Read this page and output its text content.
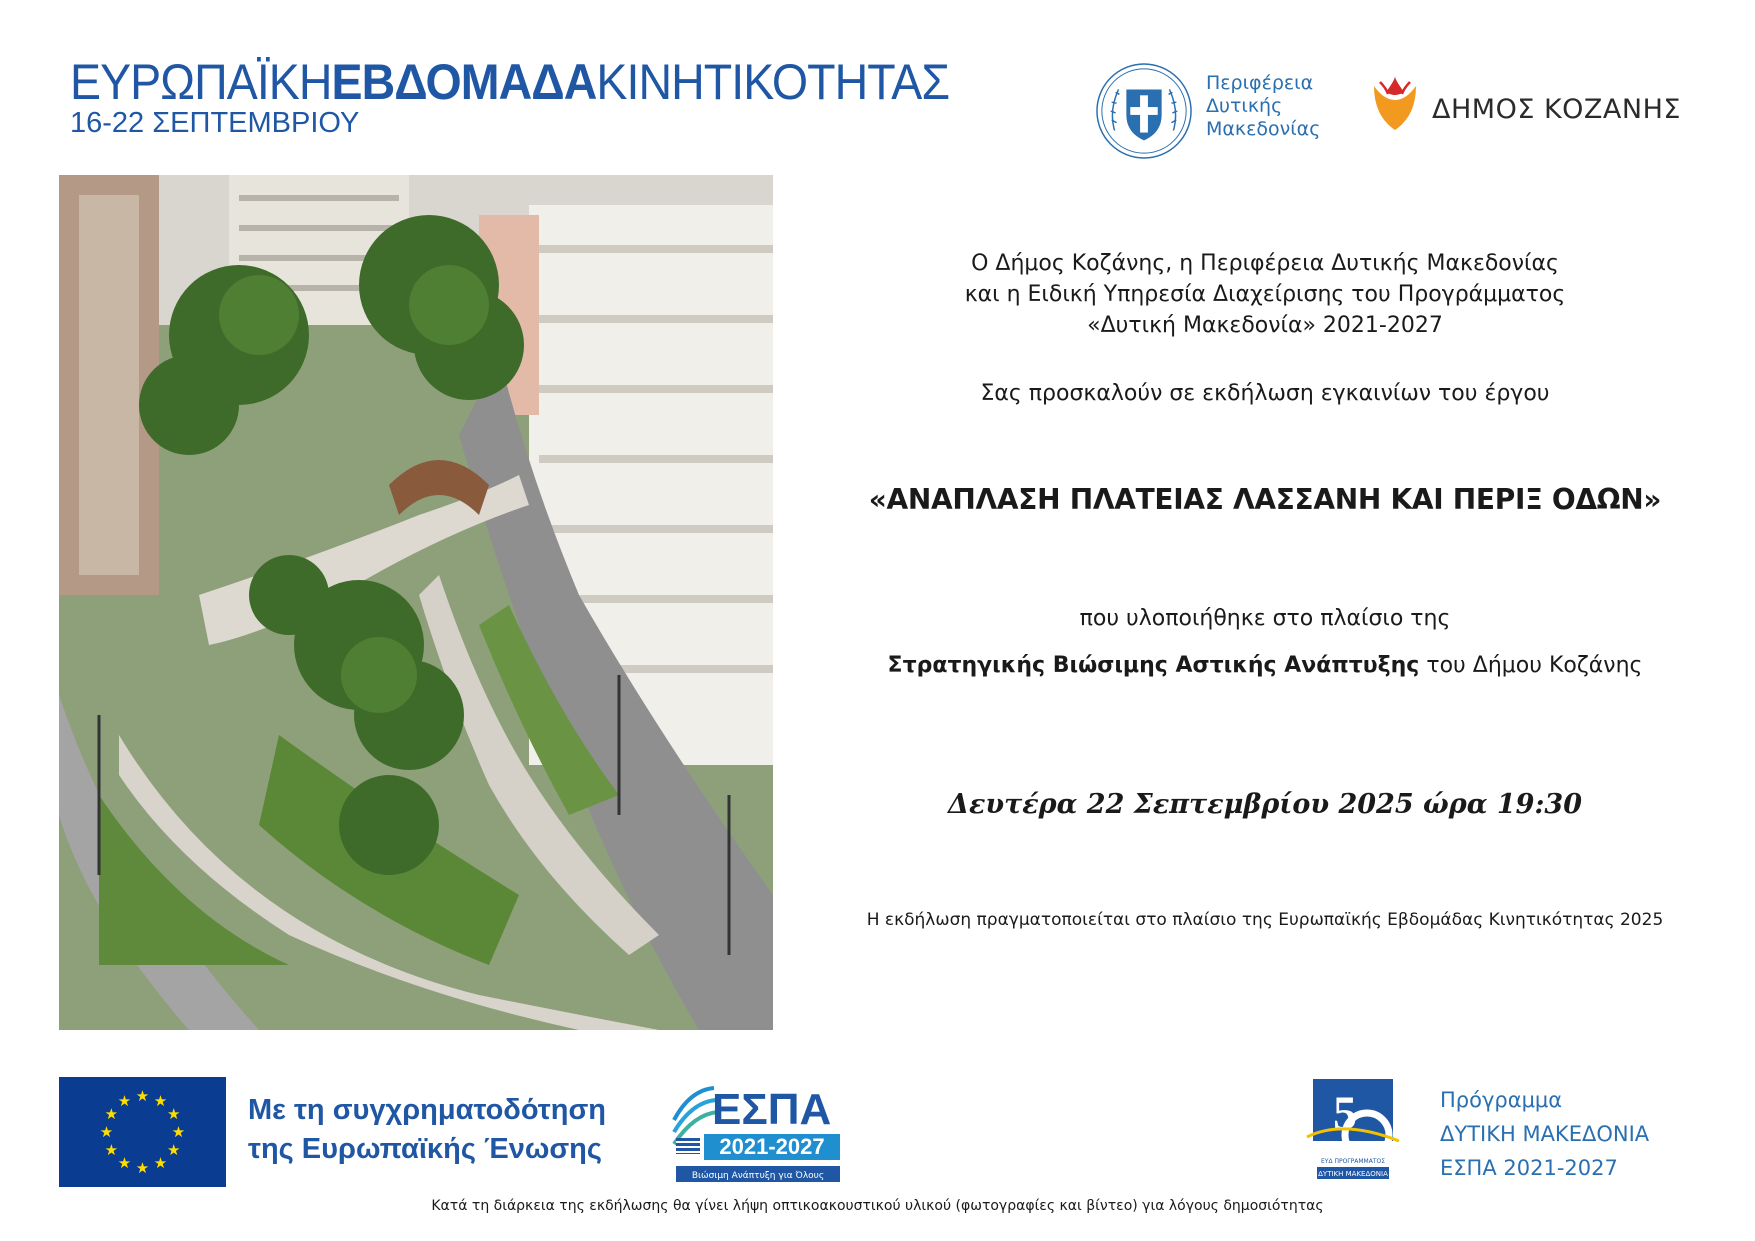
ΕΥΡΩΠΑΪΚΗΕΒΔΟΜΑΔΑΚΙΝΗΤΙΚΟΤΗΤΑΣ
16-22 ΣΕΠΤΕΜΒΡΙΟΥ
Περιφέρεια
Δυτικής
Μακεδονίας
ΔΗΜΟΣ ΚΟΖΑΝΗΣ
Ο Δήμος Κοζάνης, η Περιφέρεια Δυτικής Μακεδονίας
και η Ειδική Υπηρεσία Διαχείρισης του Προγράμματος
«Δυτική Μακεδονία» 2021-2027
Σας προσκαλούν σε εκδήλωση εγκαινίων του έργου
«ΑΝΑΠΛΑΣΗ ΠΛΑΤΕΙΑΣ ΛΑΣΣΑΝΗ ΚΑΙ ΠΕΡΙΞ ΟΔΩΝ»
που υλοποιήθηκε στο πλαίσιο της
Στρατηγικής Βιώσιμης Αστικής Ανάπτυξης του Δήμου Κοζάνης
Δευτέρα 22 Σεπτεμβρίου 2025 ώρα 19:30
Η εκδήλωση πραγματοποιείται στο πλαίσιο της Ευρωπαϊκής Εβδομάδας Κινητικότητας 2025
★
★
★
★
★
★
★
★
★ ★ ★
★ Με τη συγχρηματοδότηση
της Ευρωπαϊκής Ένωσης
ΕΣΠΑ
2021-2027
Βιώσιμη Ανάπτυξη για Όλους
5
ΕΥΔ ΠΡΟΓΡΑΜΜΑΤΟΣ
ΔΥΤΙΚΗ ΜΑΚΕΔΟΝΙΑ
Πρόγραμμα
ΔΥΤΙΚΗ ΜΑΚΕΔΟΝΙΑ
ΕΣΠΑ 2021-2027
Κατά τη διάρκεια της εκδήλωσης θα γίνει λήψη οπτικοακουστικού υλικού (φωτογραφίες και βίντεο) για λόγους δημοσιότητας
